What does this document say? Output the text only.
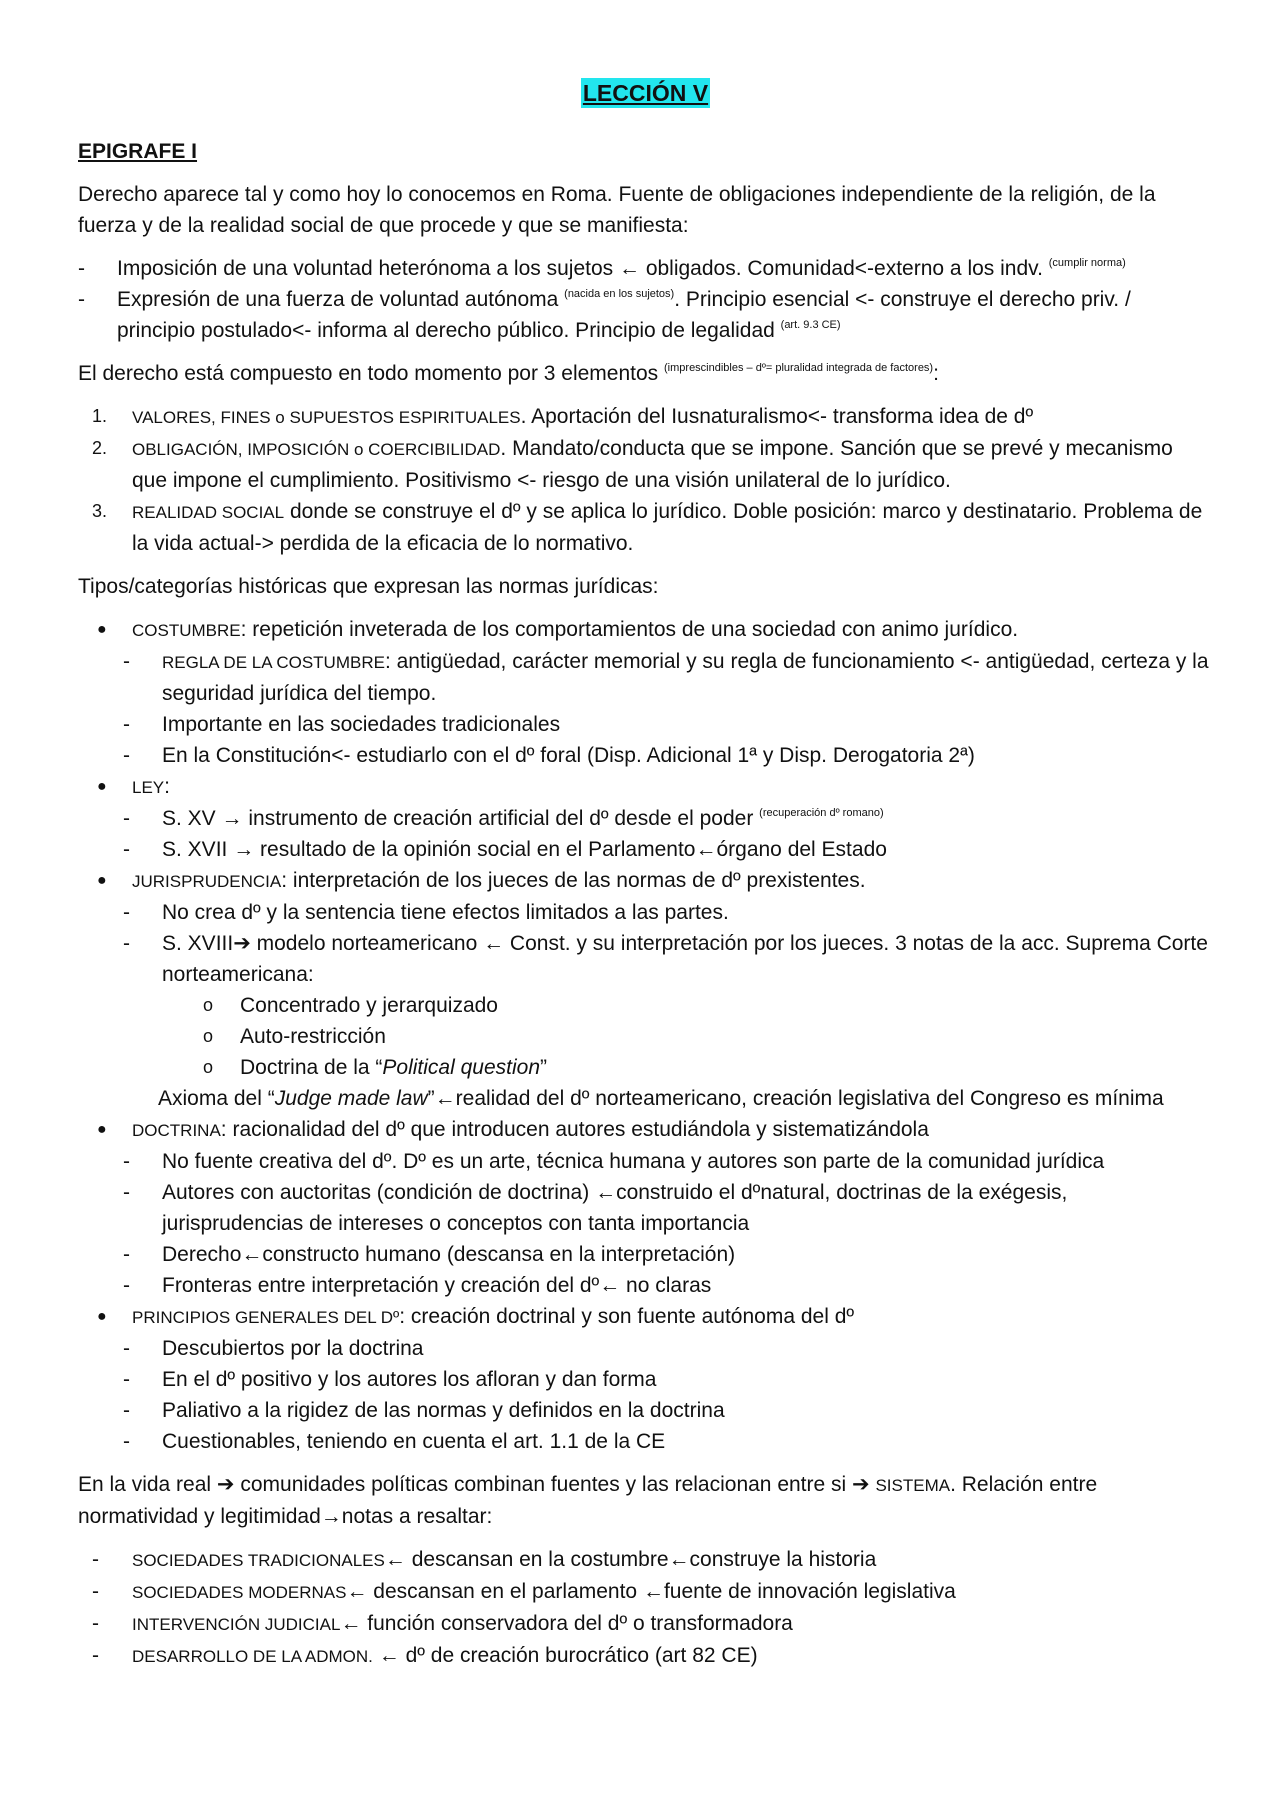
LECCIÓN V
EPIGRAFE I

Derecho aparece tal y como hoy lo conocemos en Roma. Fuente de obligaciones independiente de la religión, de la fuerza y de la realidad social de que procede y que se manifiesta:

- Imposición de una voluntad heterónoma a los sujetos ← obligados. Comunidad<-externo a los indv. $^{(cumplir norma)}$
- Expresión de una fuerza de voluntad autónoma $^{(nacida en los sujetos)}$. Principio esencial <- construye el derecho priv. / principio postulado<- informa al derecho público. Principio de legalidad $^{(art. 9.3 CE)}$

El derecho está compuesto en todo momento por 3 elementos $^{(imprescindibles - dº= pluralidad integrada de factores)}$:

1. VALORES, FINES o SUPUESTOS ESPIRITUALES. Aportación del Iusnaturalismo<- transforma idea de dº
2. OBLIGACIÓN, IMPOSICIÓN o COERCIBILIDAD. Mandato/conducta que se impone. Sanción que se prevé y mecanismo que impone el cumplimiento. Positivismo <- riesgo de una visión unilateral de lo jurídico.
3. REALIDAD SOCIAL donde se construye el dº y se aplica lo jurídico. Doble posición: marco y destinatario. Problema de la vida actual-> perdida de la eficacia de lo normativo.

Tipos/categorías históricas que expresan las normas jurídicas:

● COSTUMBRE: repetición inveterada de los comportamientos de una sociedad con animo jurídico.
- REGLA DE LA COSTUMBRE: antigüedad, carácter memorial y su regla de funcionamiento <- antigüedad, certeza y la seguridad jurídica del tiempo.
- Importante en las sociedades tradicionales
- En la Constitución<- estudiarlo con el dº foral (Disp. Adicional 1ª y Disp. Derogatoria 2ª)
● LEY:
- S. XV → instrumento de creación artificial del dº desde el poder $^{(recuperación dº romano)}$
- S. XVII → resultado de la opinión social en el Parlamento←órgano del Estado
● JURISPRUDENCIA: interpretación de los jueces de las normas de dº prexistentes.
- No crea dº y la sentencia tiene efectos limitados a las partes.
- S. XVIII➔ modelo norteamericano ← Const. y su interpretación por los jueces. 3 notas de la acc. Suprema Corte norteamericana:
o Concentrado y jerarquizado
o Auto-restricción
o Doctrina de la “Political question”
Axioma del “Judge made law”←realidad del dº norteamericano, creación legislativa del Congreso es mínima
● DOCTRINA: racionalidad del dº que introducen autores estudiándola y sistematizándola
- No fuente creativa del dº. Dº es un arte, técnica humana y autores son parte de la comunidad jurídica
- Autores con auctoritas (condición de doctrina) ←construido el dºnatural, doctrinas de la exégesis, jurisprudencias de intereses o conceptos con tanta importancia
- Derecho←constructo humano (descansa en la interpretación)
- Fronteras entre interpretación y creación del dº← no claras
● PRINCIPIOS GENERALES DEL Dº: creación doctrinal y son fuente autónoma del dº
- Descubiertos por la doctrina
- En el dº positivo y los autores los afloran y dan forma
- Paliativo a la rigidez de las normas y definidos en la doctrina
- Cuestionables, teniendo en cuenta el art. 1.1 de la CE

En la vida real ➔ comunidades políticas combinan fuentes y las relacionan entre si ➔ SISTEMA. Relación entre normatividad y legitimidad→notas a resaltar:

- SOCIEDADES TRADICIONALES← descansan en la costumbre←construye la historia
- SOCIEDADES MODERNAS← descansan en el parlamento ←fuente de innovación legislativa
- INTERVENCIÓN JUDICIAL← función conservadora del dº o transformadora
- DESARROLLO DE LA ADMON. ← dº de creación burocrático (art 82 CE)
